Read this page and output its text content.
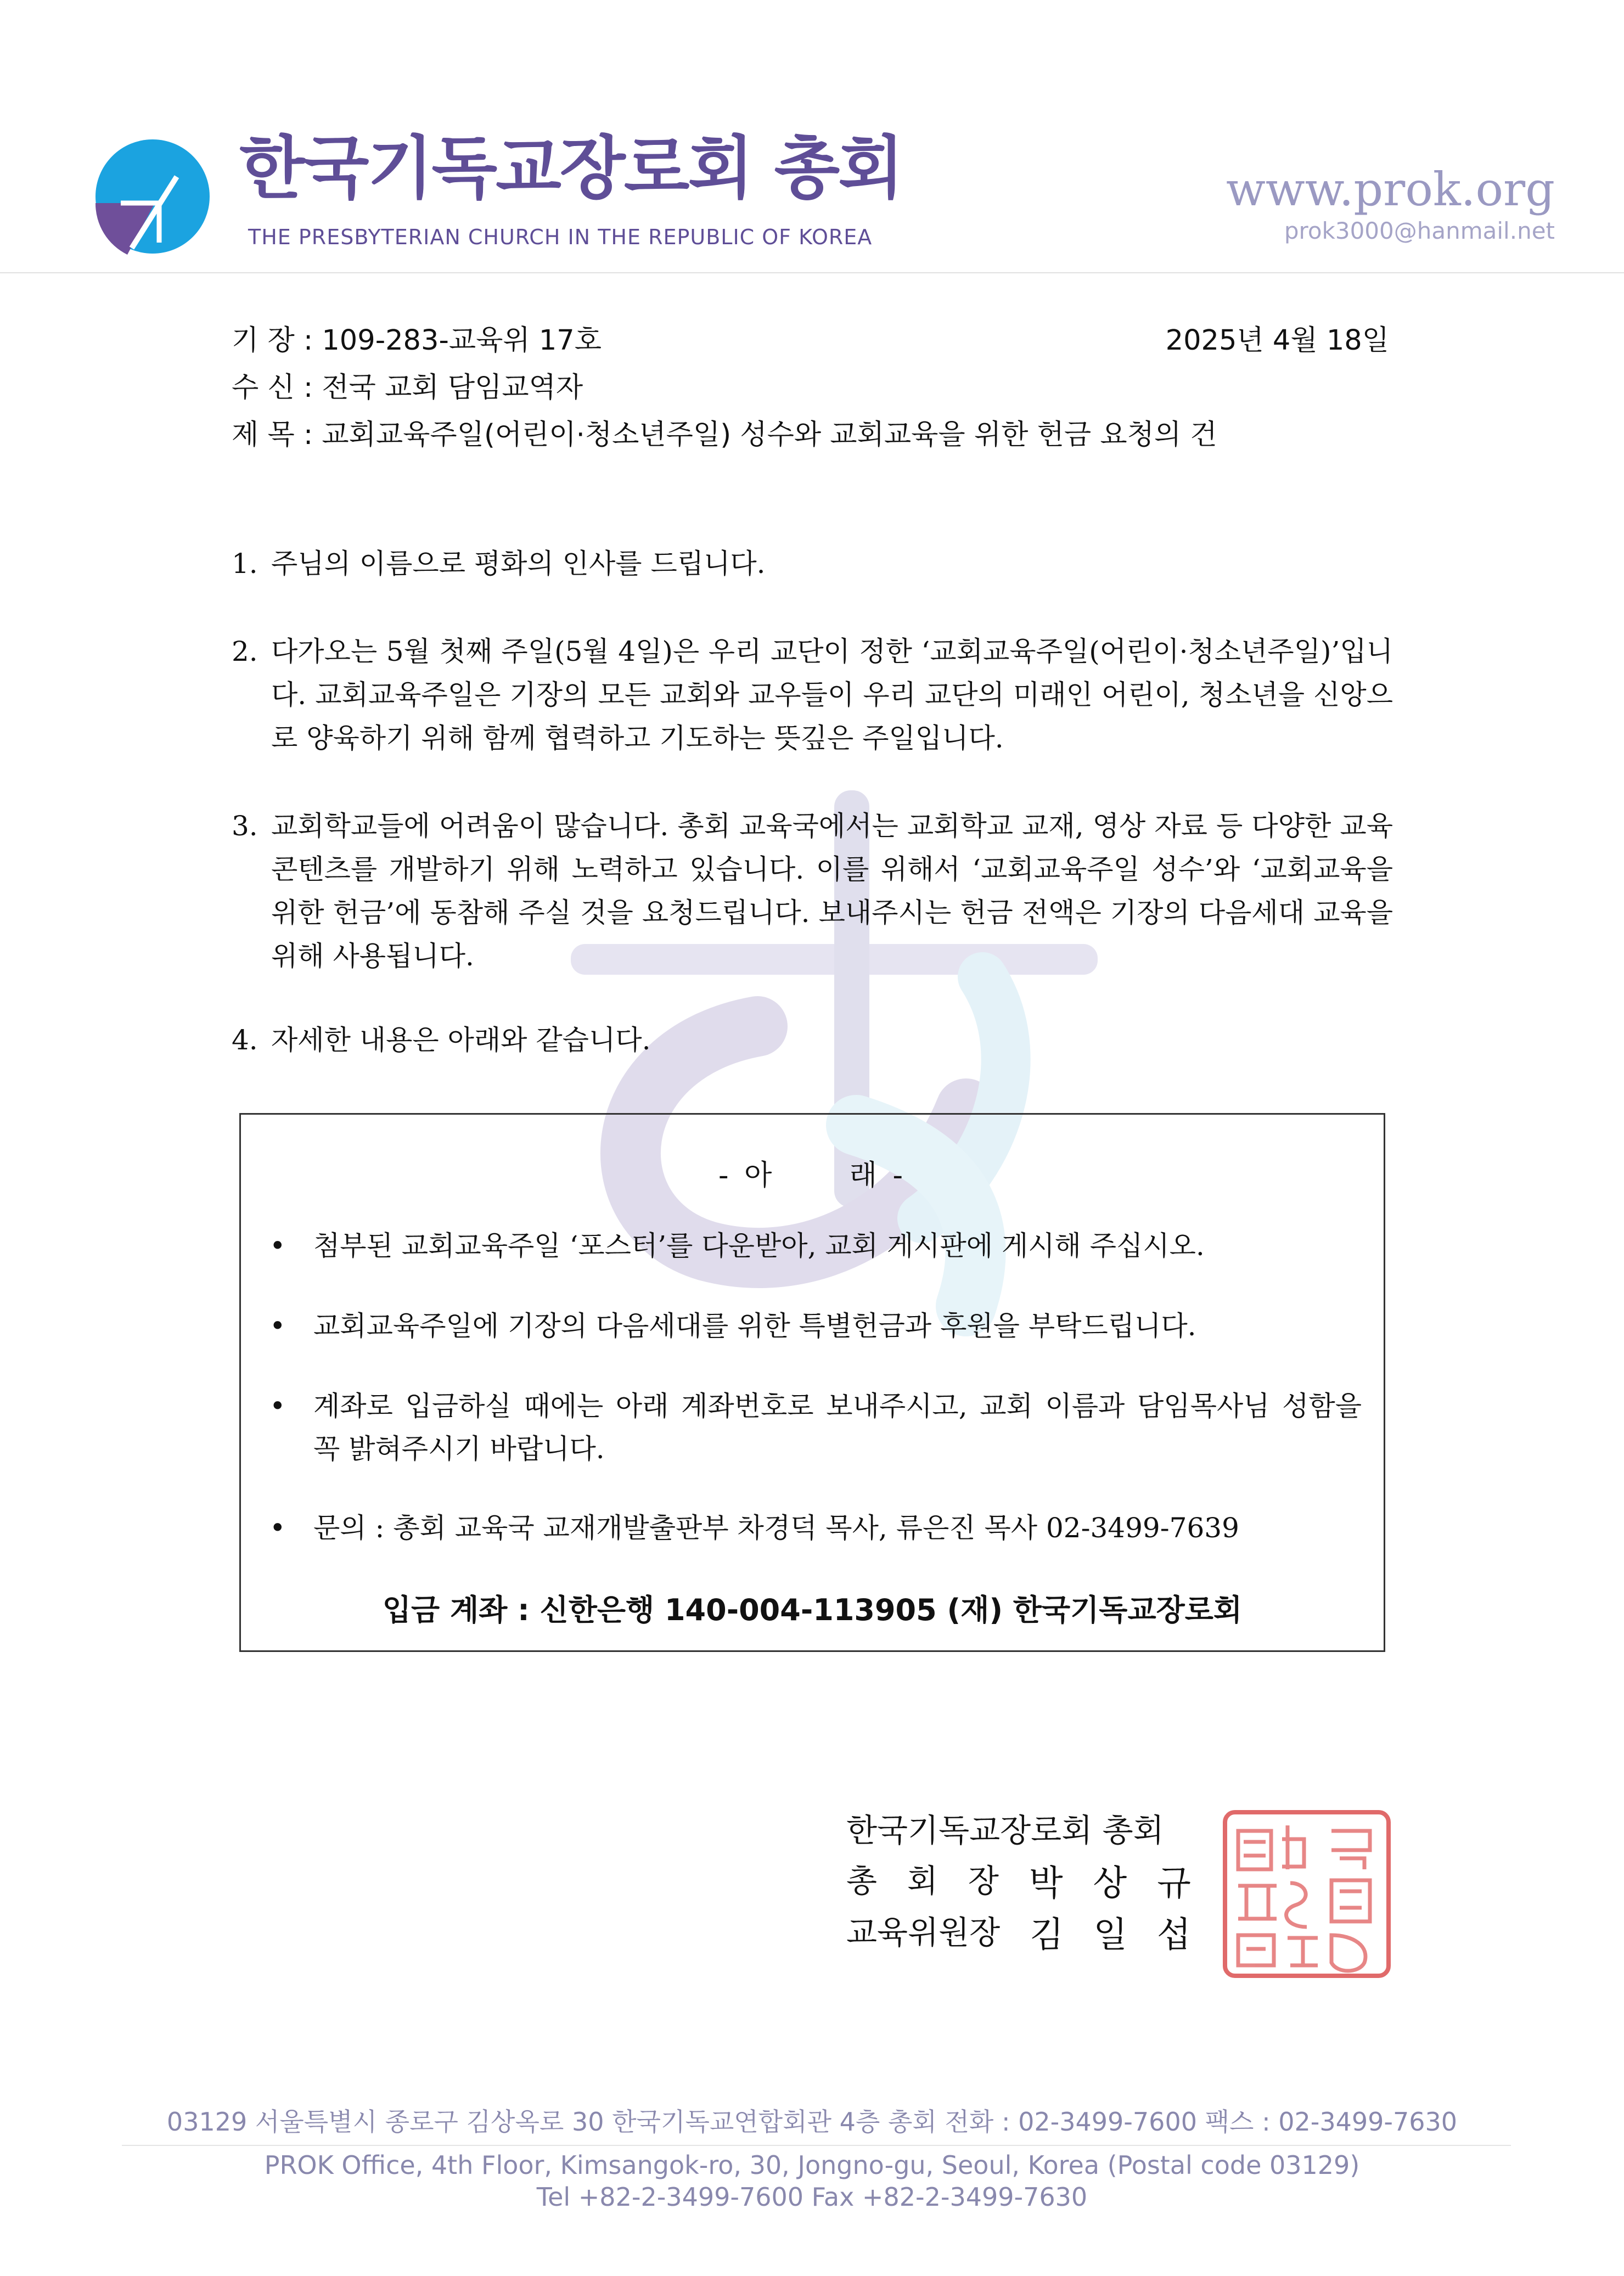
한국기독교장로회 총회
THE PRESBYTERIAN CHURCH IN THE REPUBLIC OF KOREA
www.prok.org
prok3000@hanmail.net
기 장 : 109-283-교육위 17호	2025년 4월 18일
수 신 : 전국 교회 담임교역자
제 목 : 교회교육주일(어린이·청소년주일) 성수와 교회교육을 위한 헌금 요청의 건
1. 주님의 이름으로 평화의 인사를 드립니다.
2. 다가오는 5월 첫째 주일(5월 4일)은 우리 교단이 정한 ‘교회교육주일(어린이·청소년주일)’입니다. 교회교육주일은 기장의 모든 교회와 교우들이 우리 교단의 미래인 어린이, 청소년을 신앙으로 양육하기 위해 함께 협력하고 기도하는 뜻깊은 주일입니다.
3. 교회학교들에 어려움이 많습니다. 총회 교육국에서는 교회학교 교재, 영상 자료 등 다양한 교육 콘텐츠를 개발하기 위해 노력하고 있습니다. 이를 위해서 ‘교회교육주일 성수’와 ‘교회교육을 위한 헌금’에 동참해 주실 것을 요청드립니다. 보내주시는 헌금 전액은 기장의 다음세대 교육을 위해 사용됩니다.
4. 자세한 내용은 아래와 같습니다.
- 아      래 -
•	첨부된 교회교육주일 ‘포스터’를 다운받아, 교회 게시판에 게시해 주십시오.
•	교회교육주일에 기장의 다음세대를 위한 특별헌금과 후원을 부탁드립니다.
•	계좌로 입금하실 때에는 아래 계좌번호로 보내주시고, 교회 이름과 담임목사님 성함을 꼭 밝혀주시기 바랍니다.
•	문의 : 총회 교육국 교재개발출판부 차경덕 목사, 류은진 목사 02-3499-7639
입금 계좌 : 신한은행 140-004-113905 (재) 한국기독교장로회
한국기독교장로회 총회
총 회 장 박 상 규
교육위원장 김 일 섭
03129 서울특별시 종로구 김상옥로 30 한국기독교연합회관 4층 총회 전화 : 02-3499-7600 팩스 : 02-3499-7630
PROK Office, 4th Floor, Kimsangok-ro, 30, Jongno-gu, Seoul, Korea (Postal code 03129)
Tel +82-2-3499-7600 Fax +82-2-3499-7630
